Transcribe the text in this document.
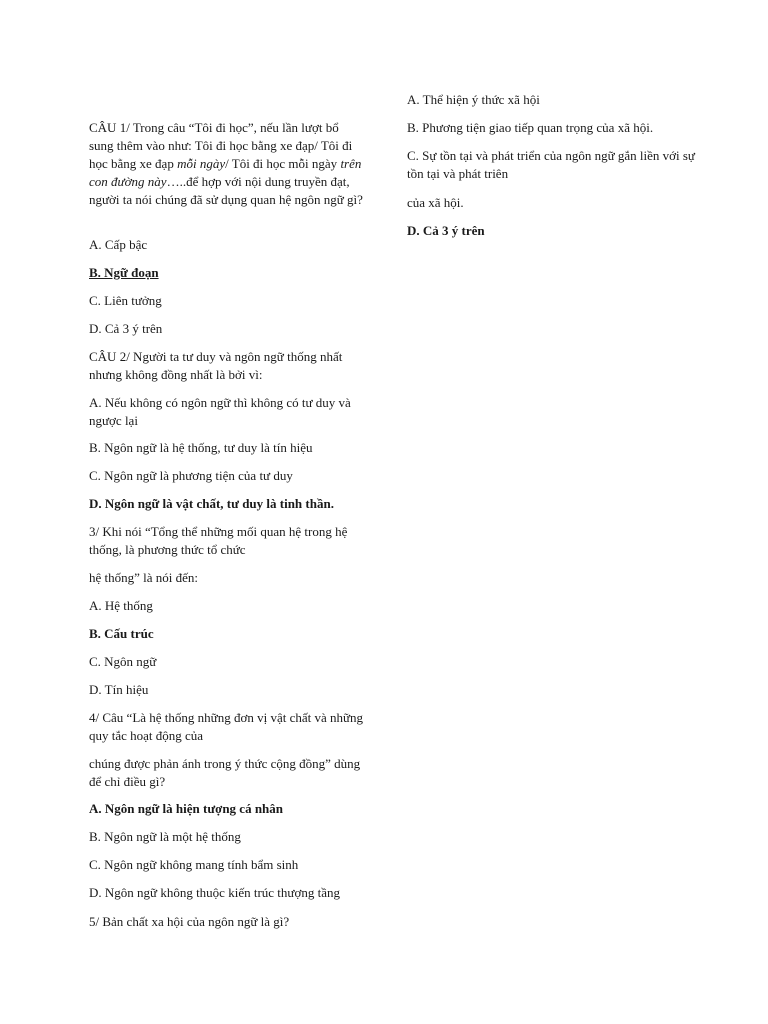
CÂU 1/ Trong câu “Tôi đi học”, nếu lần lượt bổ sung thêm vào như: Tôi đi học bằng xe đạp/ Tôi đi học bằng xe đạp mỗi ngày/ Tôi đi học mỗi ngày trên con đường này…..để hợp với nội dung truyền đạt, người ta nói chúng đã sử dụng quan hệ ngôn ngữ gì?
A. Cấp bậc
B. Ngữ đoạn
C. Liên tưởng
D. Cả 3 ý trên
CÂU 2/ Người ta tư duy và ngôn ngữ thống nhất nhưng không đồng nhất là bởi vì:
A. Nếu không có ngôn ngữ thì không có tư duy và ngược lại
B. Ngôn ngữ là hệ thống, tư duy là tín hiệu
C. Ngôn ngữ là phương tiện của tư duy
D. Ngôn ngữ là vật chất, tư duy là tinh thần.
3/ Khi nói “Tổng thể những mối quan hệ trong hệ thống, là phương thức tổ chức
hệ thống” là nói đến:
A. Hệ thống
B. Cấu trúc
C. Ngôn ngữ
D. Tín hiệu
4/ Câu “Là hệ thống những đơn vị vật chất và những quy tắc hoạt động của
chúng được phản ánh trong ý thức cộng đồng” dùng để chỉ điều gì?
A. Ngôn ngữ là hiện tượng cá nhân
B. Ngôn ngữ là một hệ thống
C. Ngôn ngữ không mang tính bẩm sinh
D. Ngôn ngữ không thuộc kiến trúc thượng tầng
5/ Bản chất xa hội của ngôn ngữ là gì?
A. Thể hiện ý thức xã hội
B. Phương tiện giao tiếp quan trọng của xã hội.
C. Sự tồn tại và phát triển của ngôn ngữ gắn liền với sự tồn tại và phát triên
của xã hội.
D. Cả 3 ý trên
